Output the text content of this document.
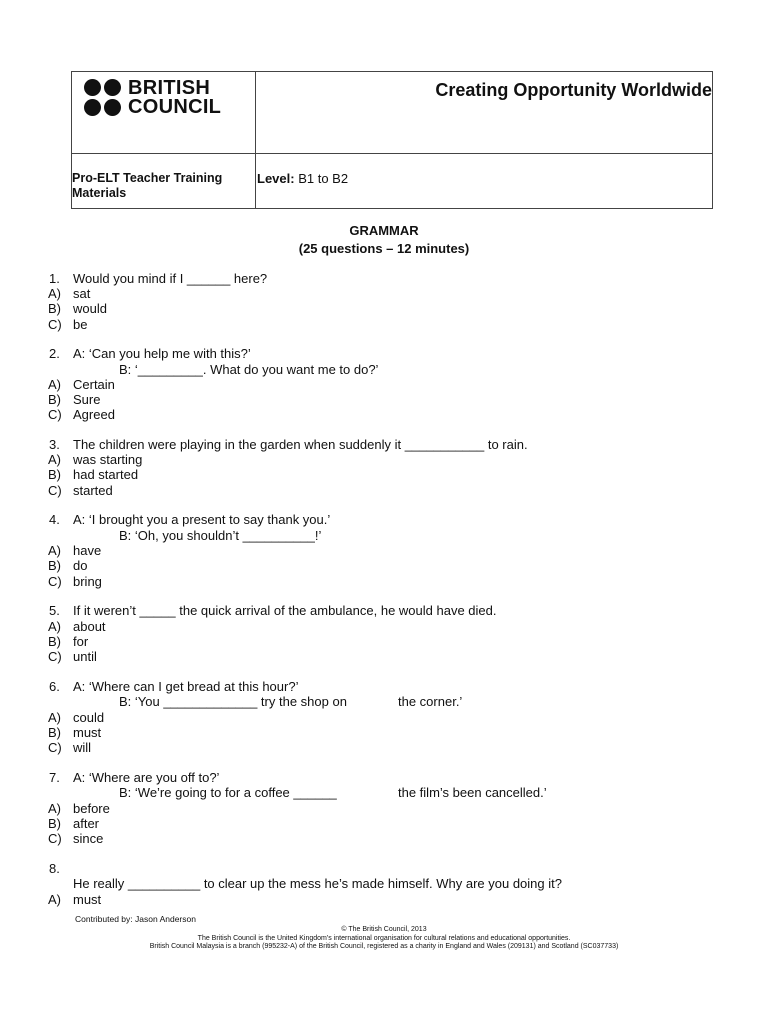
BRITISH
COUNCIL
Creating Opportunity Worldwide
Pro-ELT Teacher Training
Materials
Level: B1 to B2
GRAMMAR
(25 questions – 12 minutes)
1. Would you mind if I ______ here?
A) sat
B) would
C) be
2. A: ‘Can you help me with this?’
B: ‘_________. What do you want me to do?’
A) Certain
B) Sure
C) Agreed
3. The children were playing in the garden when suddenly it ___________ to rain.
A) was starting
B) had started
C) started
4. A: ‘I brought you a present to say thank you.’
B: ‘Oh, you shouldn’t __________!’
A) have
B) do
C) bring
5. If it weren’t _____ the quick arrival of the ambulance, he would have died.
A) about
B) for
C) until
6. A: ‘Where can I get bread at this hour?’
B: ‘You _____________ try the shop on	the corner.’
A) could
B) must
C) will
7. A: ‘Where are you off to?’
B: ‘We’re going to for a coffee ______	the film’s been cancelled.’
A) before
B) after
C) since
8.
He really __________ to clear up the mess he’s made himself. Why are you doing it?
A) must
Contributed by: Jason Anderson
© The British Council, 2013
The British Council is the United Kingdom’s international organisation for cultural relations and educational opportunities.
British Council Malaysia is a branch (995232-A) of the British Council, registered as a charity in England and Wales (209131) and Scotland (SC037733)
